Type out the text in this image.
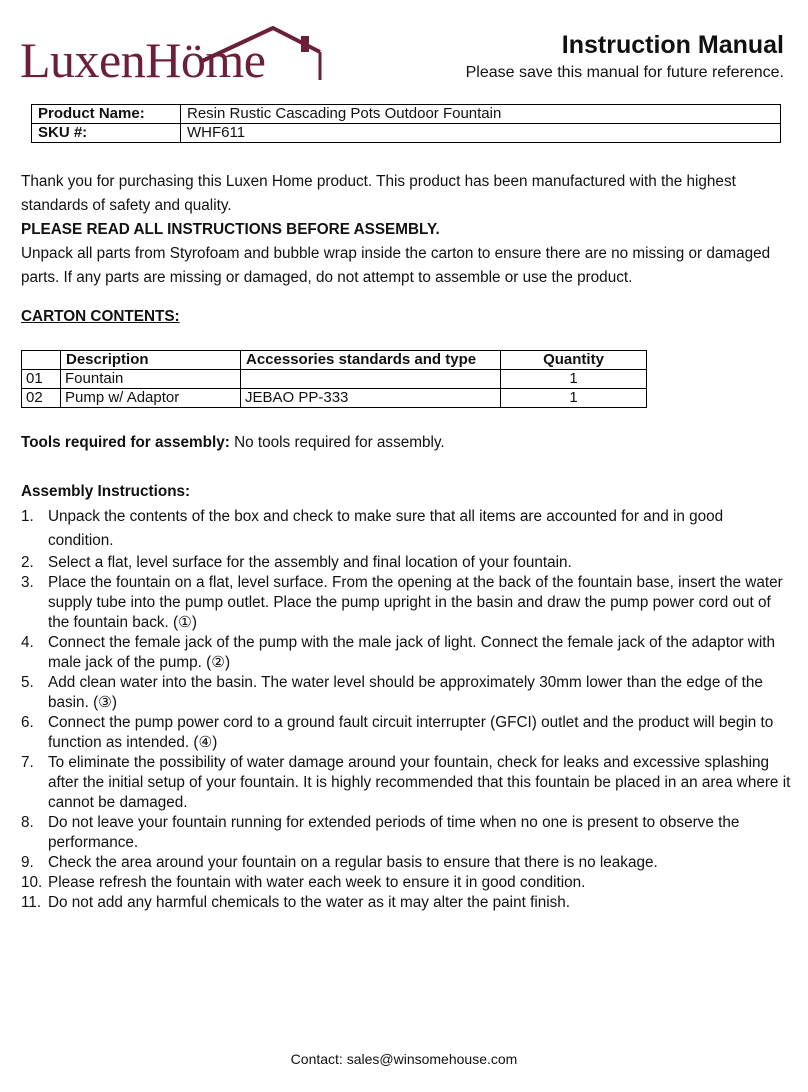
LuxenHöme	Instruction Manual
Please save this manual for future reference.
Product Name:	Resin Rustic Cascading Pots Outdoor Fountain
SKU #:	WHF611
Thank you for purchasing this Luxen Home product. This product has been manufactured with the highest standards of safety and quality.
PLEASE READ ALL INSTRUCTIONS BEFORE ASSEMBLY.
Unpack all parts from Styrofoam and bubble wrap inside the carton to ensure there are no missing or damaged parts. If any parts are missing or damaged, do not attempt to assemble or use the product.
CARTON CONTENTS:
	Description	Accessories standards and type	Quantity
01	Fountain		1
02	Pump w/ Adaptor	JEBAO PP-333	1
Tools required for assembly: No tools required for assembly.
Assembly Instructions:
1. Unpack the contents of the box and check to make sure that all items are accounted for and in good condition.
2. Select a flat, level surface for the assembly and final location of your fountain.
3. Place the fountain on a flat, level surface. From the opening at the back of the fountain base, insert the water supply tube into the pump outlet. Place the pump upright in the basin and draw the pump power cord out of the fountain back. (①)
4. Connect the female jack of the pump with the male jack of light. Connect the female jack of the adaptor with male jack of the pump. (②)
5. Add clean water into the basin. The water level should be approximately 30mm lower than the edge of the basin. (③)
6. Connect the pump power cord to a ground fault circuit interrupter (GFCI) outlet and the product will begin to function as intended. (④)
7. To eliminate the possibility of water damage around your fountain, check for leaks and excessive splashing after the initial setup of your fountain. It is highly recommended that this fountain be placed in an area where it cannot be damaged.
8. Do not leave your fountain running for extended periods of time when no one is present to observe the performance.
9. Check the area around your fountain on a regular basis to ensure that there is no leakage.
10. Please refresh the fountain with water each week to ensure it in good condition.
11. Do not add any harmful chemicals to the water as it may alter the paint finish.
Contact: sales@winsomehouse.com
